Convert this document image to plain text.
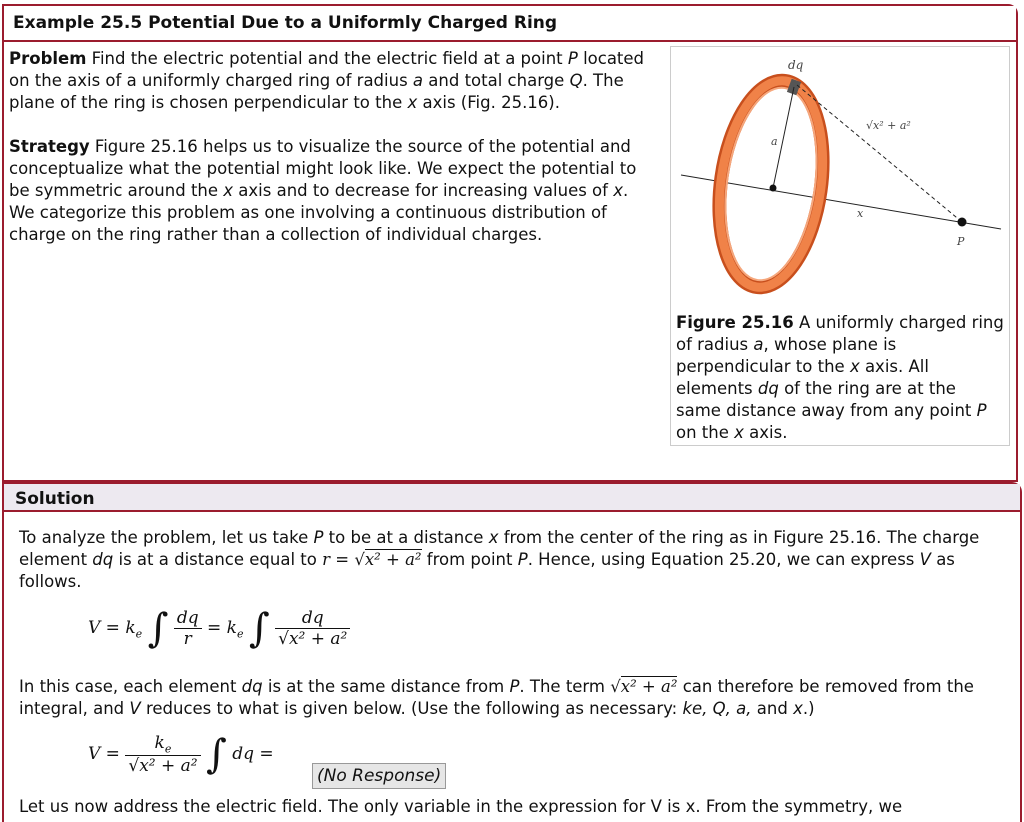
Example 25.5 Potential Due to a Uniformly Charged Ring

Problem Find the electric potential and the electric field at a point P located on the axis of a uniformly charged ring of radius a and total charge Q. The plane of the ring is chosen perpendicular to the x axis (Fig. 25.16).

Strategy Figure 25.16 helps us to visualize the source of the potential and conceptualize what the potential might look like. We expect the potential to be symmetric around the x axis and to decrease for increasing values of x. We categorize this problem as one involving a continuous distribution of charge on the ring rather than a collection of individual charges.

dq
√x² + a²
a
x
P
Figure 25.16 A uniformly charged ring of radius a, whose plane is perpendicular to the x axis. All elements dq of the ring are at the same distance away from any point P on the x axis.
Solution
To analyze the problem, let us take P to be at a distance x from the center of the ring as in Figure 25.16. The charge element dq is at a distance equal to r = √x² + a² from point P. Hence, using Equation 25.20, we can express V as follows.
$V = k_e$ ∫ $\frac{dq}{r} = k_e$ ∫ $\frac{dq}{\text{√x² + a²}}$
In this case, each element dq is at the same distance from P. The term √x² + a² can therefore be removed from the integral, and V reduces to what is given below. (Use the following as necessary: ke, Q, a, and x.)
$V = \frac{k_e}{\text{√x² + a²}}$ ∫ dq =
(No Response)
Let us now address the electric field. The only variable in the expression for V is x. From the symmetry, we
